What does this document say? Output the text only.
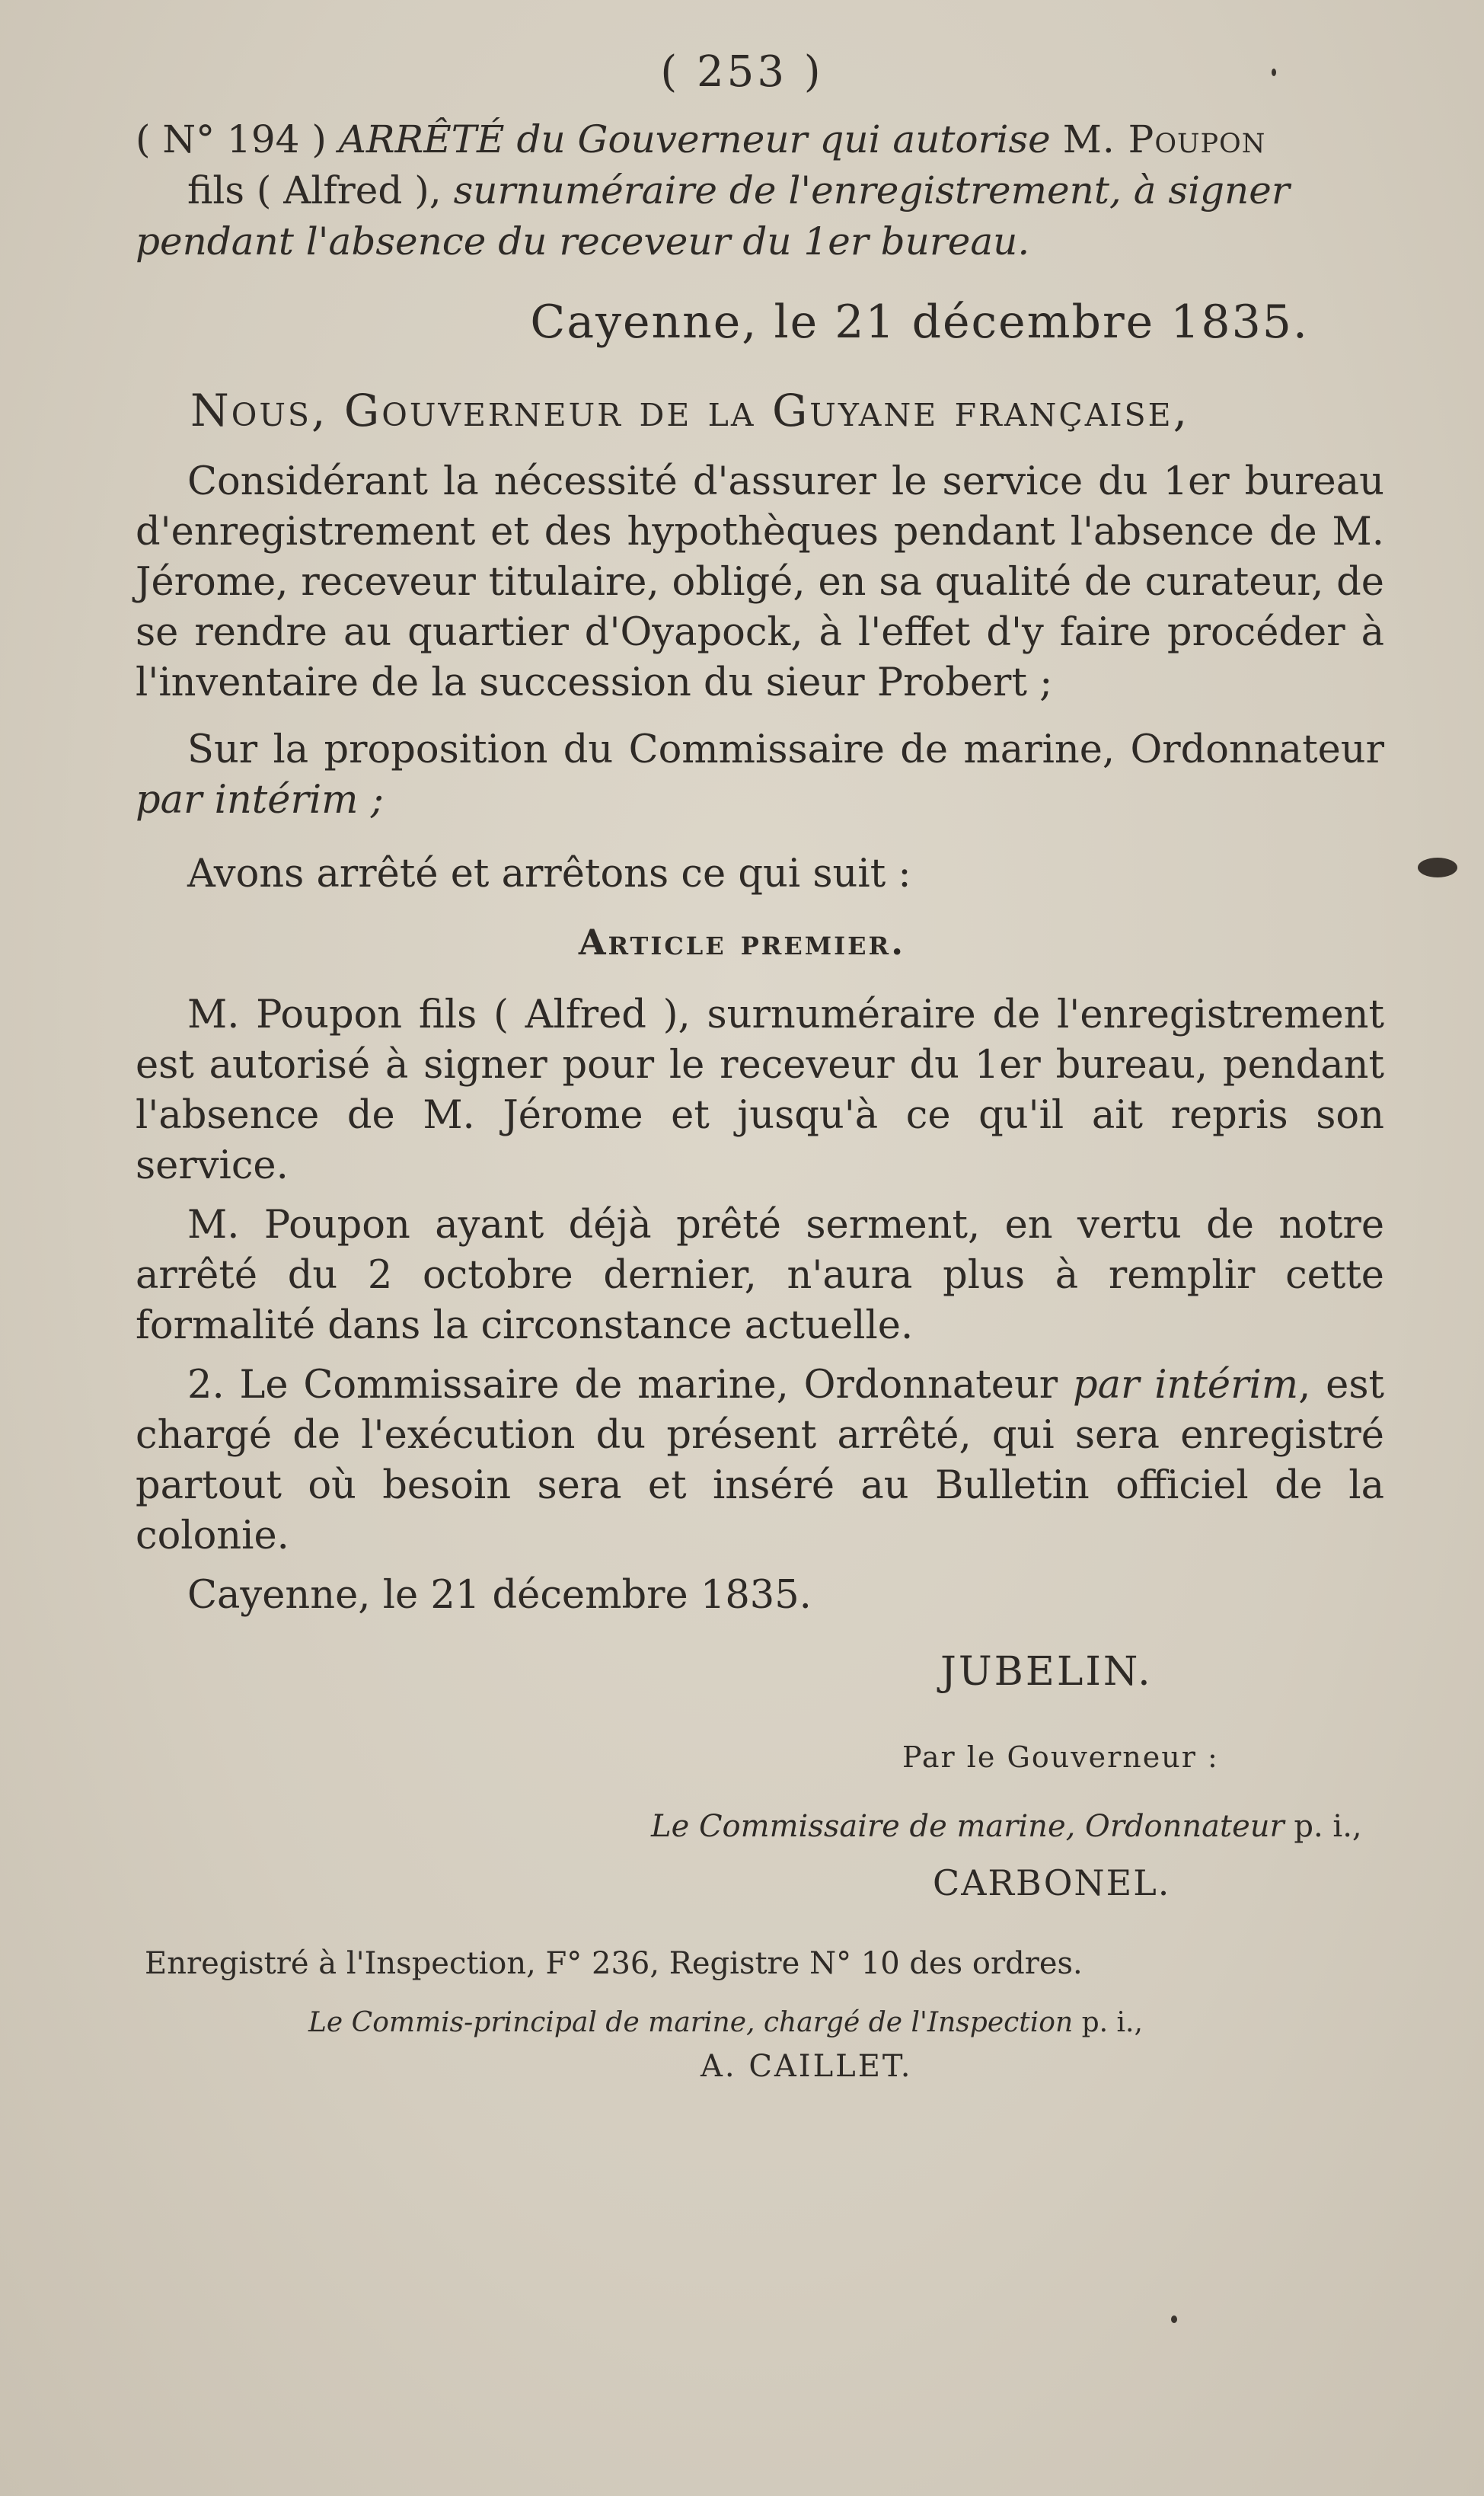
( 253 )
( N° 194 ) ARRÊTÉ du Gouverneur qui autorise M. Poupon
fils ( Alfred ), surnuméraire de l'enregistrement, à signer
pendant l'absence du receveur du 1er bureau.
Cayenne, le 21 décembre 1835.
Nous, Gouverneur de la Guyane française,

Considérant la nécessité d'assurer le service du 1er bureau d'enregistrement et des hypothèques pendant l'absence de M. Jérome, receveur titulaire, obligé, en sa qualité de curateur, de se rendre au quartier d'Oyapock, à l'effet d'y faire procéder à l'inventaire de la succession du sieur Probert ;

Sur la proposition du Commissaire de marine, Ordonnateur par intérim ;

Avons arrêté et arrêtons ce qui suit :

Article premier.

M. Poupon fils ( Alfred ), surnuméraire de l'enregistrement est autorisé à signer pour le receveur du 1er bureau, pendant l'absence de M. Jérome et jusqu'à ce qu'il ait repris son service.

M. Poupon ayant déjà prêté serment, en vertu de notre arrêté du 2 octobre dernier, n'aura plus à remplir cette formalité dans la circonstance actuelle.

2. Le Commissaire de marine, Ordonnateur par intérim, est chargé de l'exécution du présent arrêté, qui sera enregistré partout où besoin sera et inséré au Bulletin officiel de la colonie.

Cayenne, le 21 décembre 1835.

JUBELIN.
Par le Gouverneur :
Le Commissaire de marine, Ordonnateur p. i.,
CARBONEL.
Enregistré à l'Inspection, F° 236, Registre N° 10 des ordres.
Le Commis-principal de marine, chargé de l'Inspection p. i.,
A. CAILLET.
